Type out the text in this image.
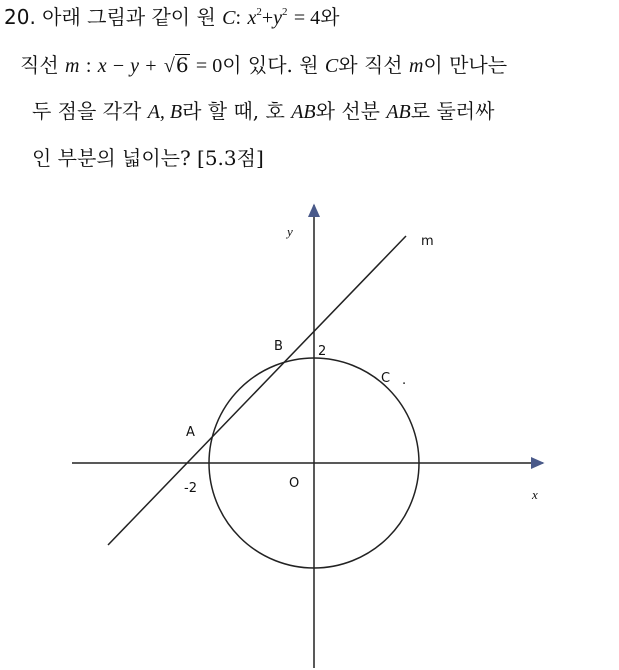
20. 아래 그림과 같이 원 C: $x^2+y^2 = 4$와
직선 m : x − y + √6 = 0이 있다. 원 C와 직선 m이 만나는
두 점을 각각 A, B라 할 때, 호 AB와 선분 AB로 둘러싸
인 부분의 넓이는? [5.3점]
y
x
m
B	2
C .
A
-2	O
